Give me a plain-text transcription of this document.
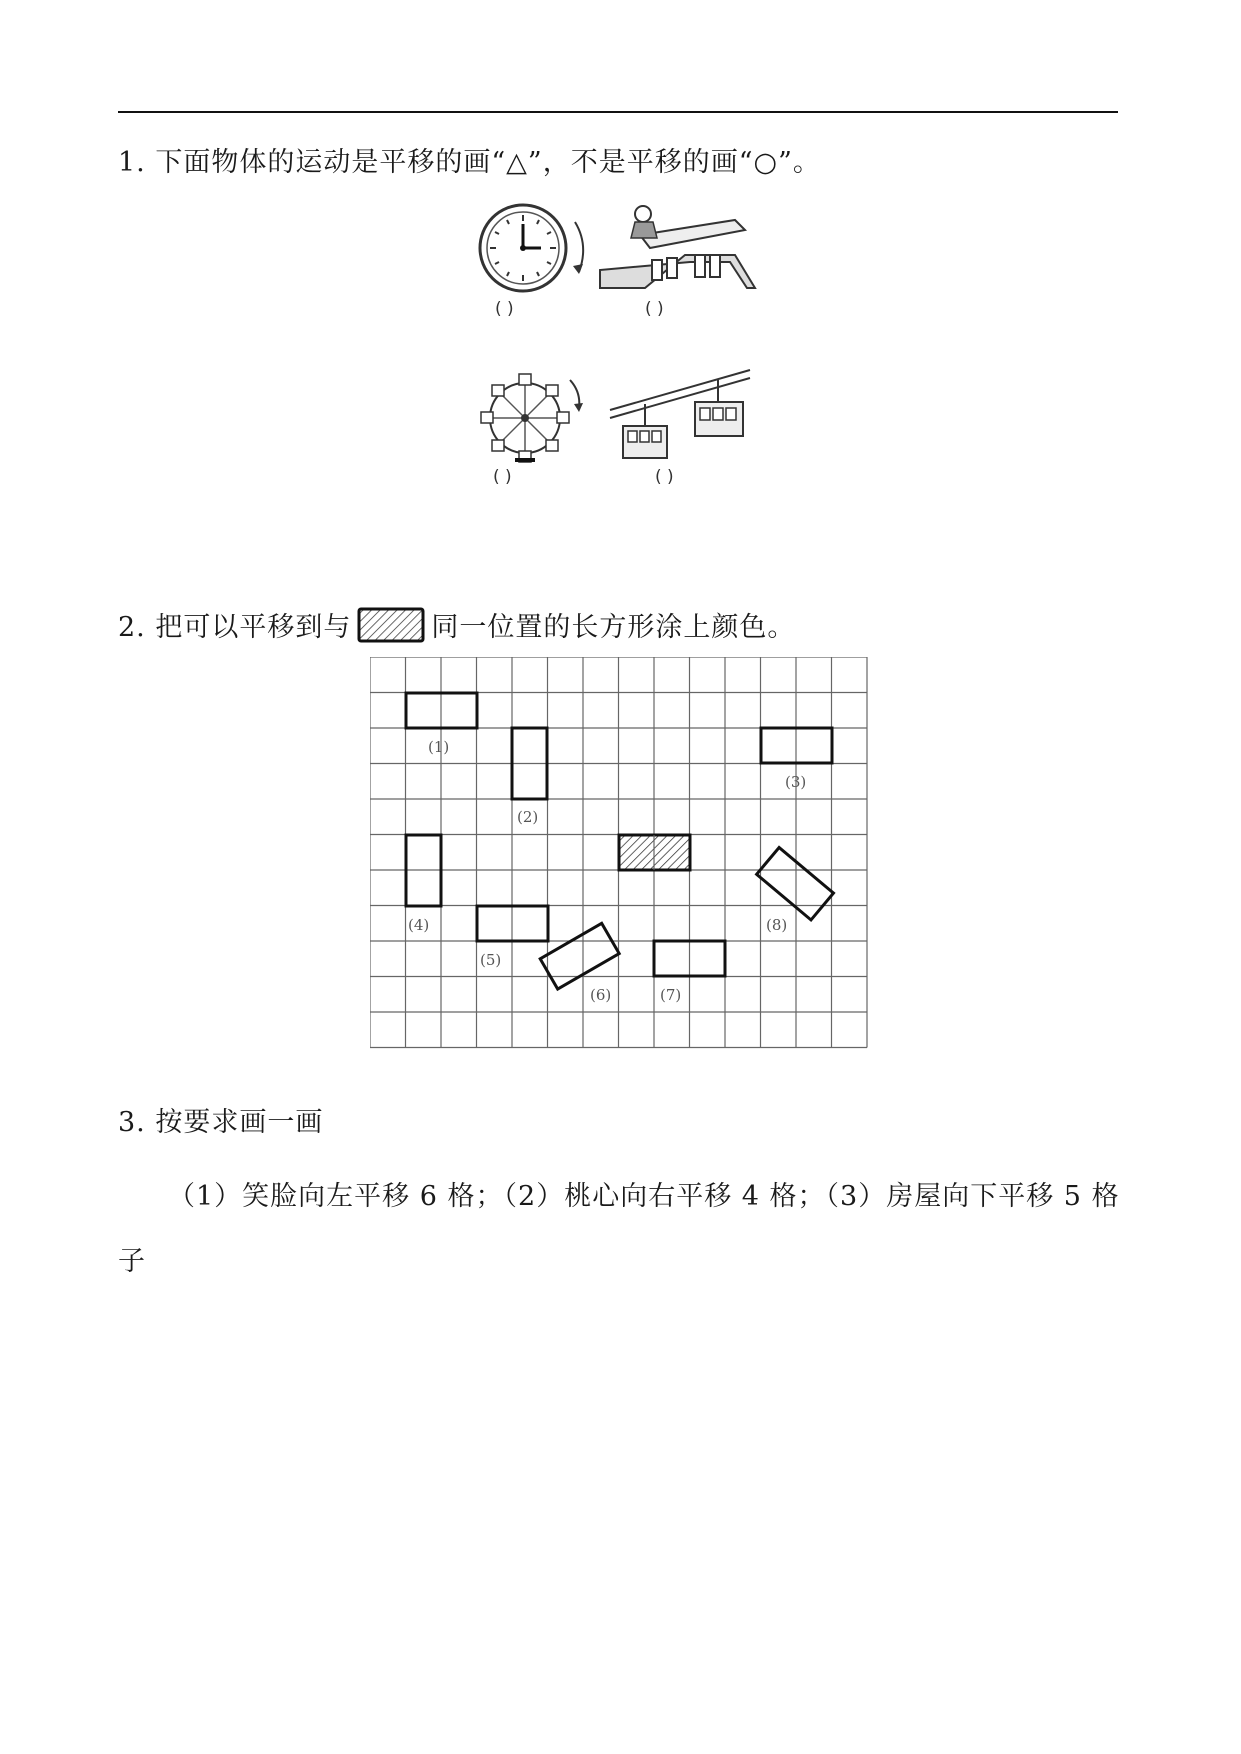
1. 下面物体的运动是平移的画“△”，不是平移的画“○”。
( )	( )
( )	( )
2. 把可以平移到与	同一位置的长方形涂上颜色。
(1)
(2)
(3)
(4)
(5)
(6)	(7)
(8)
3. 按要求画一画
（1）笑脸向左平移 6 格；（2）桃心向右平移 4 格；（3）房屋向下平移 5 格
子
